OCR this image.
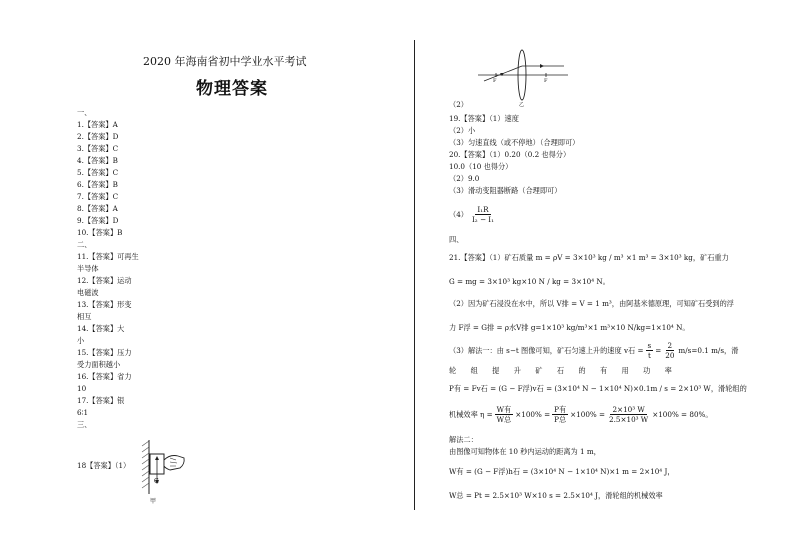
2020 年海南省初中学业水平考试
物理答案
一、
1.【答案】A
2.【答案】D
3.【答案】C
4.【答案】B
5.【答案】C
6.【答案】B
7.【答案】C
8.【答案】A
9.【答案】D
10.【答案】B
二、
11.【答案】可再生
半导体
12.【答案】运动
电磁波
13.【答案】形变
相互
14.【答案】大
小
15.【答案】压力
受力面积越小
16.【答案】省力
10
17.【答案】银
6∶1
三、
18【答案】（1）
G
甲
（2）
F	F
乙
19.【答案】（1）速度
（2）小
（3）匀速直线（或不停地）（合理即可）
20.【答案】（1）0.20（0.2 也得分）
10.0（10 也得分）
（2）9.0
（3）滑动变阻器断路（合理即可）
$(4) \frac{\text{I₁R}}{\text{I₂ − I₁}}$
四、
21.【答案】（1）矿石质量 m = ρV = 3×10³ kg / m³ ×1 m³ = 3×10³ kg，矿石重力
G = mg = 3×10³ kg×10 N / kg = 3×10⁴ N。
（2）因为矿石浸没在水中，所以 V排 = V = 1 m³，由阿基米德原理，可知矿石受到的浮
力 F浮 = G排 = ρ水V排 g=1×10³ kg/m³×1 m³×10 N/kg=1×10⁴ N。
（3）解法一：由 s−t 图像可知，矿石匀速上升的速度 v石 = $\frac{s}{t} = \frac{2}{20} m/s=0.1$ m/s，滑
轮　　组　　提　　升　　矿　　石　　的　　有　　用　　功　　率
P有 = Fv石 = (G − F浮)v石 = (3×10⁴ N − 1×10⁴ N)×0.1m / s = 2×10³ W，滑轮组的
机械效率 $\eta = \frac{\text{W有}}{\text{W总}} \times 100\% = \frac{\text{P有}}{\text{P总}} \times 100\% = \frac{\text{2×10³ W}}{\text{2.5×10³ W}} \times 100\% = 80\%$。
解法二：
由图像可知物体在 10 秒内运动的距离为 1 m，
W有 = (G − F浮)h石 = (3×10⁴ N − 1×10⁴ N)×1 m = 2×10⁴ J，
W总 = Pt = 2.5×10³ W×10 s = 2.5×10⁴ J，滑轮组的机械效率
